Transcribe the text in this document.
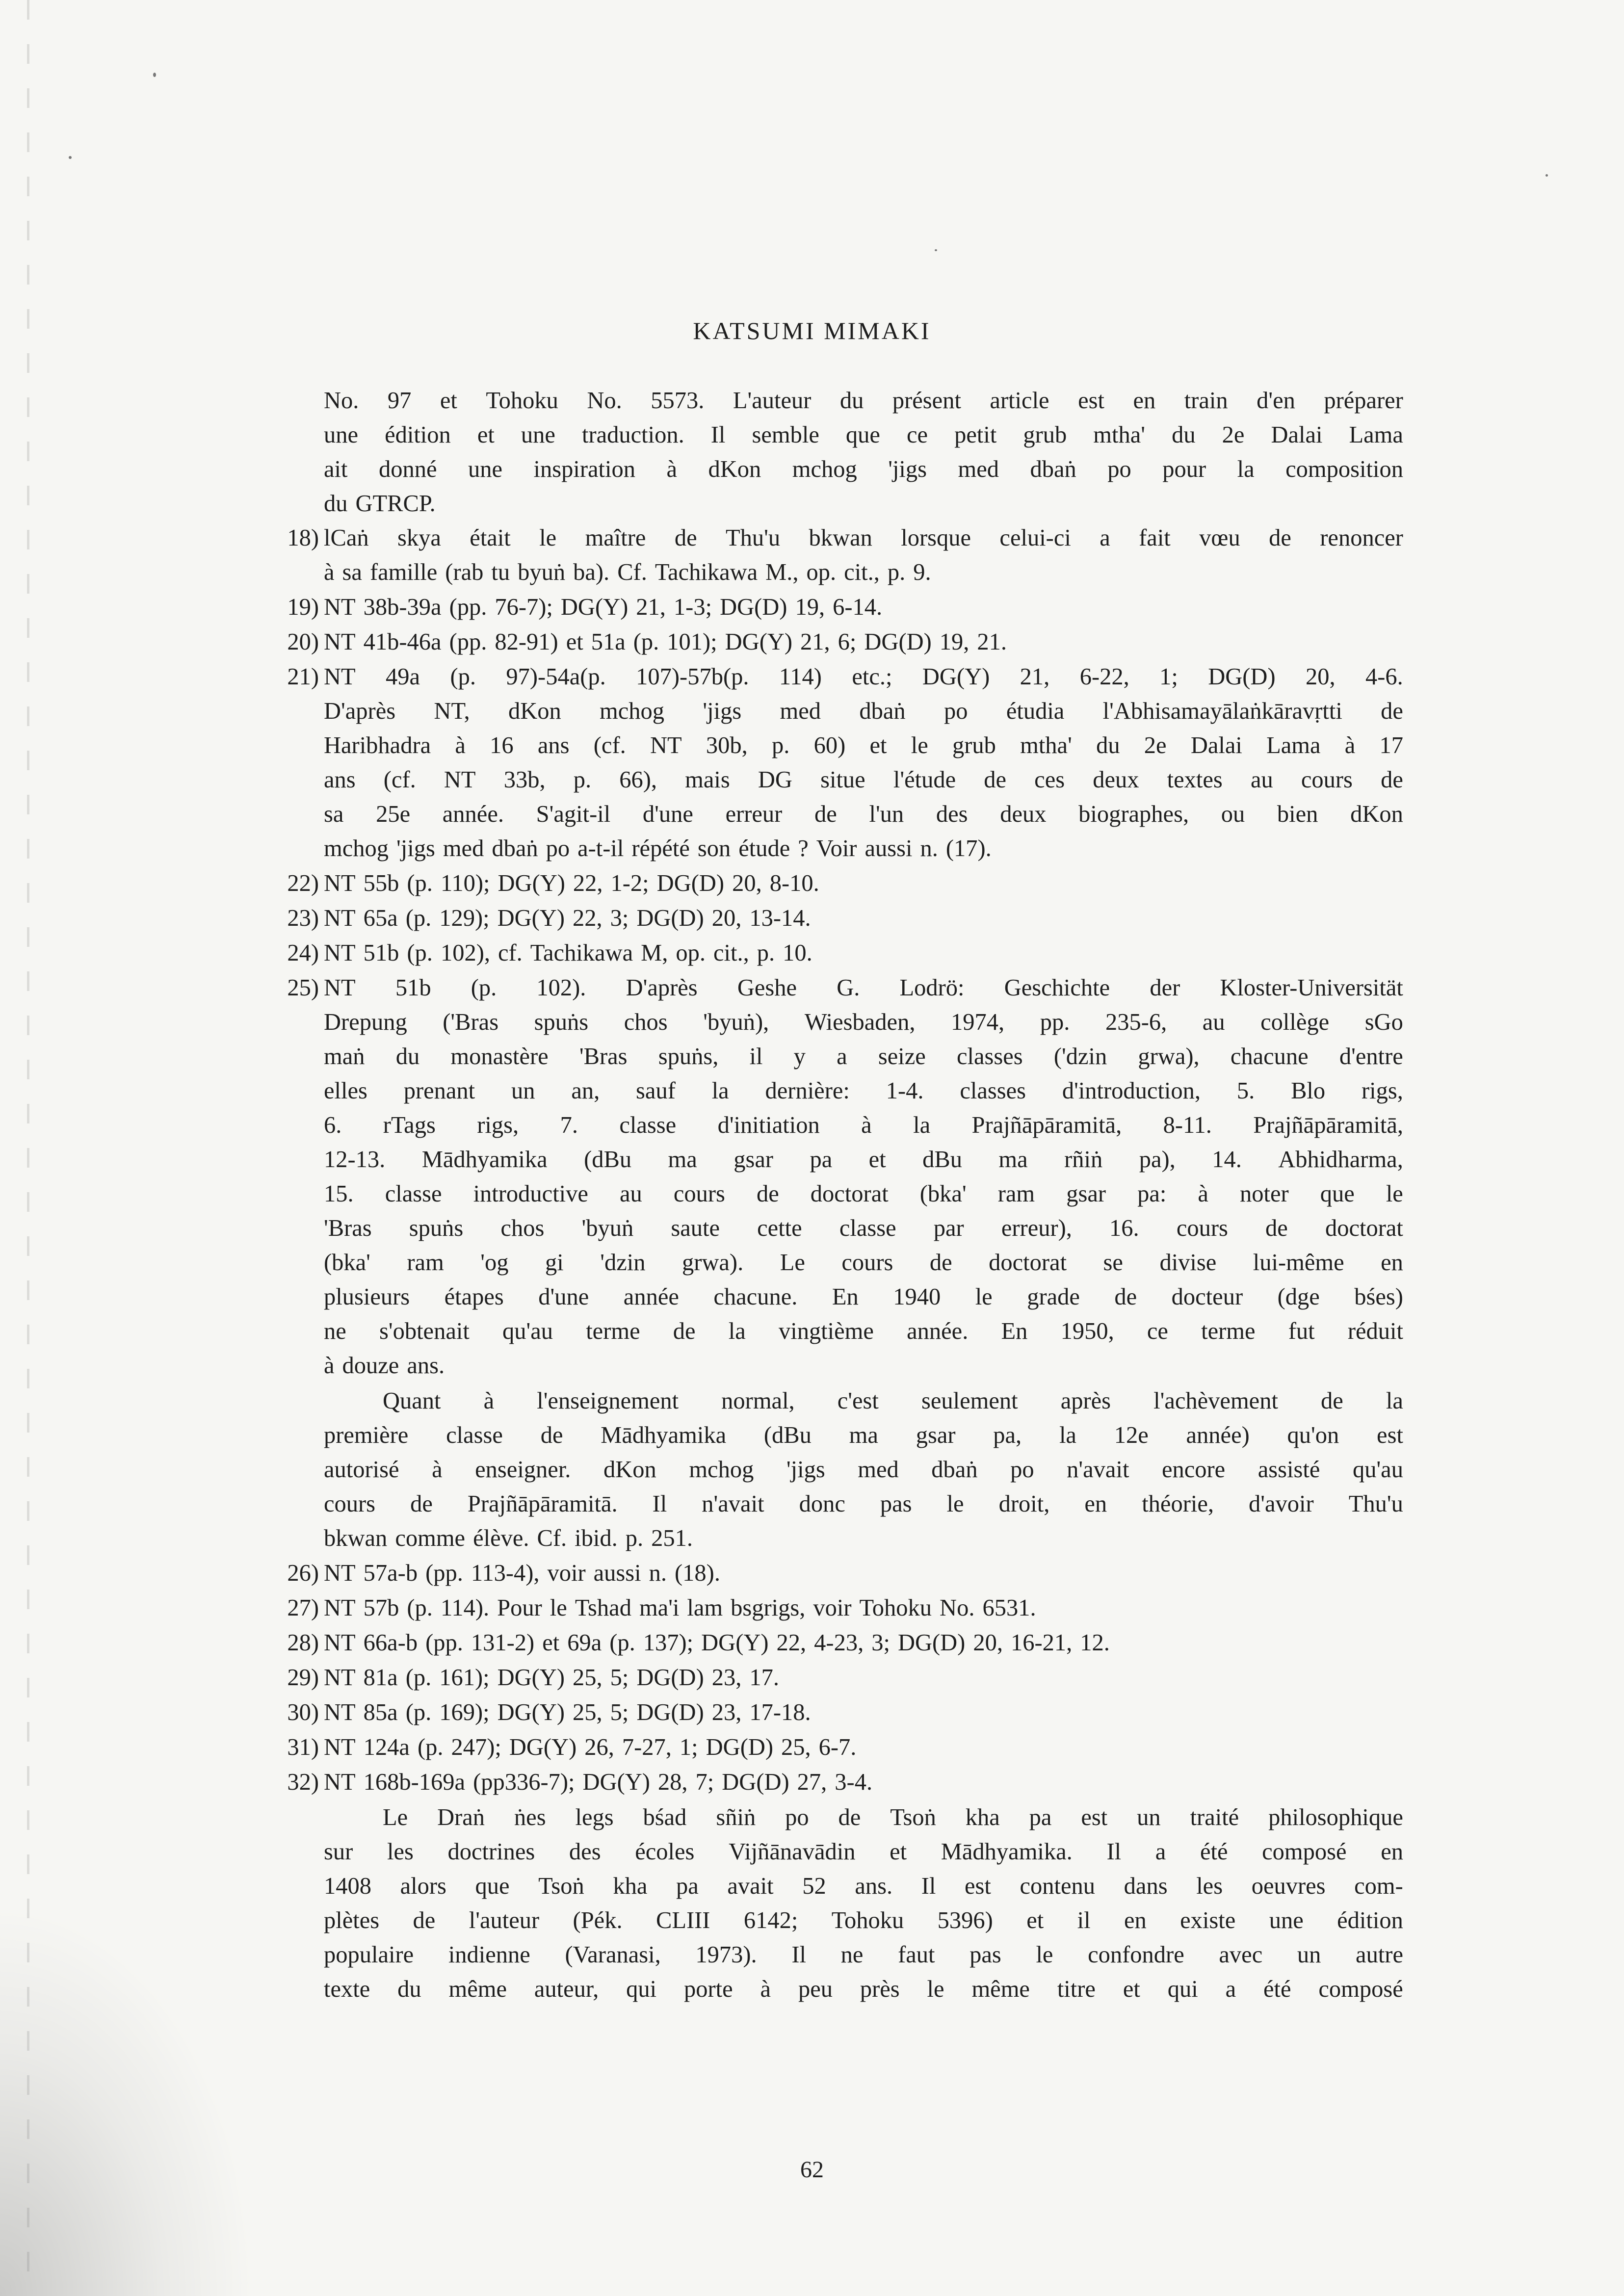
KATSUMI MIMAKI
No. 97 et Tohoku No. 5573. L'auteur du présent article est en train d'en préparer
une édition et une traduction. Il semble que ce petit grub mtha' du 2e Dalai Lama
ait donné une inspiration à dKon mchog 'jigs med dbaṅ po pour la composition
du GTRCP.
18) lCaṅ skya était le maître de Thu'u bkwan lorsque celui-ci a fait vœu de renoncer
à sa famille (rab tu byuṅ ba). Cf. Tachikawa M., op. cit., p. 9.
19) NT 38b-39a (pp. 76-7); DG(Y) 21, 1-3; DG(D) 19, 6-14.
20) NT 41b-46a (pp. 82-91) et 51a (p. 101); DG(Y) 21, 6; DG(D) 19, 21.
21) NT 49a (p. 97)-54a(p. 107)-57b(p. 114) etc.; DG(Y) 21, 6-22, 1; DG(D) 20, 4-6.
D'après NT, dKon mchog 'jigs med dbaṅ po étudia l'Abhisamayālaṅkāravṛtti de
Haribhadra à 16 ans (cf. NT 30b, p. 60) et le grub mtha' du 2e Dalai Lama à 17
ans (cf. NT 33b, p. 66), mais DG situe l'étude de ces deux textes au cours de
sa 25e année. S'agit-il d'une erreur de l'un des deux biographes, ou bien dKon
mchog 'jigs med dbaṅ po a-t-il répété son étude ? Voir aussi n. (17).
22) NT 55b (p. 110); DG(Y) 22, 1-2; DG(D) 20, 8-10.
23) NT 65a (p. 129); DG(Y) 22, 3; DG(D) 20, 13-14.
24) NT 51b (p. 102), cf. Tachikawa M, op. cit., p. 10.
25) NT 51b (p. 102). D'après Geshe G. Lodrö: Geschichte der Kloster-Universität
Drepung ('Bras spuṅs chos 'byuṅ), Wiesbaden, 1974, pp. 235-6, au collège sGo
maṅ du monastère 'Bras spuṅs, il y a seize classes ('dzin grwa), chacune d'entre
elles prenant un an, sauf la dernière: 1-4. classes d'introduction, 5. Blo rigs,
6. rTags rigs, 7. classe d'initiation à la Prajñāpāramitā, 8-11. Prajñāpāramitā,
12-13. Mādhyamika (dBu ma gsar pa et dBu ma rñiṅ pa), 14. Abhidharma,
15. classe introductive au cours de doctorat (bka' ram gsar pa: à noter que le
'Bras spuṅs chos 'byuṅ saute cette classe par erreur), 16. cours de doctorat
(bka' ram 'og gi 'dzin grwa). Le cours de doctorat se divise lui-même en
plusieurs étapes d'une année chacune. En 1940 le grade de docteur (dge bśes)
ne s'obtenait qu'au terme de la vingtième année. En 1950, ce terme fut réduit
à douze ans.
Quant à l'enseignement normal, c'est seulement après l'achèvement de la
première classe de Mādhyamika (dBu ma gsar pa, la 12e année) qu'on est
autorisé à enseigner. dKon mchog 'jigs med dbaṅ po n'avait encore assisté qu'au
cours de Prajñāpāramitā. Il n'avait donc pas le droit, en théorie, d'avoir Thu'u
bkwan comme élève. Cf. ibid. p. 251.
26) NT 57a-b (pp. 113-4), voir aussi n. (18).
27) NT 57b (p. 114). Pour le Tshad ma'i lam bsgrigs, voir Tohoku No. 6531.
28) NT 66a-b (pp. 131-2) et 69a (p. 137); DG(Y) 22, 4-23, 3; DG(D) 20, 16-21, 12.
29) NT 81a (p. 161); DG(Y) 25, 5; DG(D) 23, 17.
30) NT 85a (p. 169); DG(Y) 25, 5; DG(D) 23, 17-18.
31) NT 124a (p. 247); DG(Y) 26, 7-27, 1; DG(D) 25, 6-7.
32) NT 168b-169a (pp336-7); DG(Y) 28, 7; DG(D) 27, 3-4.
Le Draṅ ṅes legs bśad sñiṅ po de Tsoṅ kha pa est un traité philosophique
sur les doctrines des écoles Vijñānavādin et Mādhyamika. Il a été composé en
1408 alors que Tsoṅ kha pa avait 52 ans. Il est contenu dans les oeuvres com-
plètes de l'auteur (Pék. CLIII 6142; Tohoku 5396) et il en existe une édition
populaire indienne (Varanasi, 1973). Il ne faut pas le confondre avec un autre
texte du même auteur, qui porte à peu près le même titre et qui a été composé
62
